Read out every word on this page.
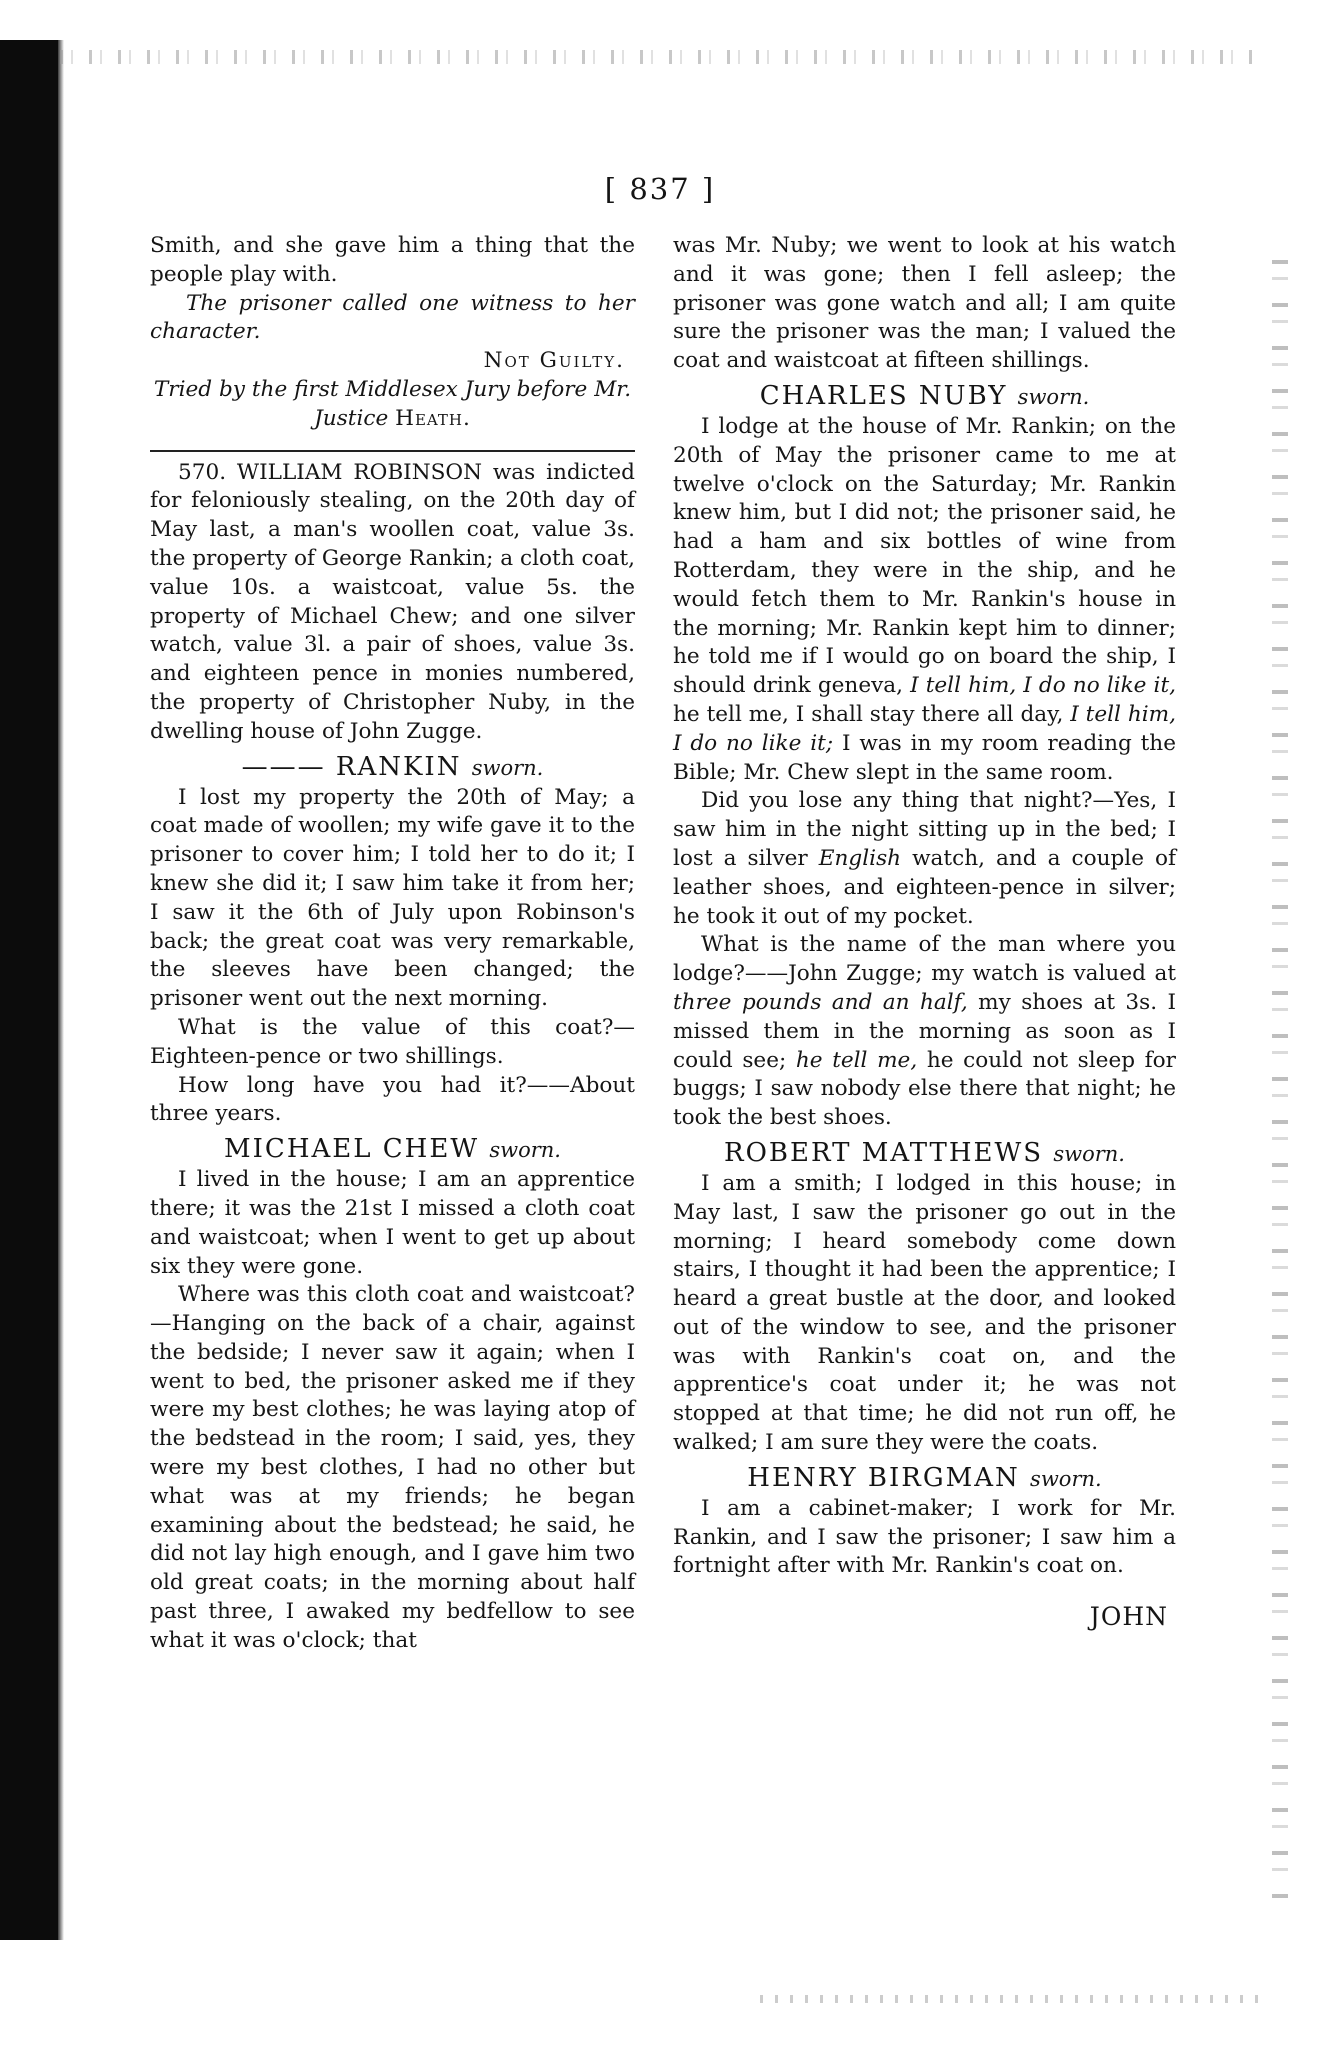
[ 837 ]

Smith, and she gave him a thing that the people play with.

The prisoner called one witness to her character.

Not Guilty.

Tried by the first Middlesex Jury before Mr. Justice Heath.

570. WILLIAM ROBINSON was indicted for feloniously stealing, on the 20th day of May last, a man's woollen coat, value 3s. the property of George Rankin; a cloth coat, value 10s. a waistcoat, value 5s. the property of Michael Chew; and one silver watch, value 3l. a pair of shoes, value 3s. and eighteen pence in monies numbered, the property of Christopher Nuby, in the dwelling house of John Zugge.

——— RANKIN sworn.

I lost my property the 20th of May; a coat made of woollen; my wife gave it to the prisoner to cover him; I told her to do it; I knew she did it; I saw him take it from her; I saw it the 6th of July upon Robinson's back; the great coat was very remarkable, the sleeves have been changed; the prisoner went out the next morning.

What is the value of this coat?—Eighteen-pence or two shillings.

How long have you had it?——About three years.

MICHAEL CHEW sworn.

I lived in the house; I am an apprentice there; it was the 21st I missed a cloth coat and waistcoat; when I went to get up about six they were gone.

Where was this cloth coat and waistcoat?—Hanging on the back of a chair, against the bedside; I never saw it again; when I went to bed, the prisoner asked me if they were my best clothes; he was laying atop of the bedstead in the room; I said, yes, they were my best clothes, I had no other but what was at my friends; he began examining about the bedstead; he said, he did not lay high enough, and I gave him two old great coats; in the morning about half past three, I awaked my bedfellow to see what it was o'clock; that

was Mr. Nuby; we went to look at his watch and it was gone; then I fell asleep; the prisoner was gone watch and all; I am quite sure the prisoner was the man; I valued the coat and waistcoat at fifteen shillings.

CHARLES NUBY sworn.

I lodge at the house of Mr. Rankin; on the 20th of May the prisoner came to me at twelve o'clock on the Saturday; Mr. Rankin knew him, but I did not; the prisoner said, he had a ham and six bottles of wine from Rotterdam, they were in the ship, and he would fetch them to Mr. Rankin's house in the morning; Mr. Rankin kept him to dinner; he told me if I would go on board the ship, I should drink geneva, I tell him, I do no like it, he tell me, I shall stay there all day, I tell him, I do no like it; I was in my room reading the Bible; Mr. Chew slept in the same room.

Did you lose any thing that night?—Yes, I saw him in the night sitting up in the bed; I lost a silver English watch, and a couple of leather shoes, and eighteen-pence in silver; he took it out of my pocket.

What is the name of the man where you lodge?——John Zugge; my watch is valued at three pounds and an half, my shoes at 3s. I missed them in the morning as soon as I could see; he tell me, he could not sleep for buggs; I saw nobody else there that night; he took the best shoes.

ROBERT MATTHEWS sworn.

I am a smith; I lodged in this house; in May last, I saw the prisoner go out in the morning; I heard somebody come down stairs, I thought it had been the apprentice; I heard a great bustle at the door, and looked out of the window to see, and the prisoner was with Rankin's coat on, and the apprentice's coat under it; he was not stopped at that time; he did not run off, he walked; I am sure they were the coats.

HENRY BIRGMAN sworn.

I am a cabinet-maker; I work for Mr. Rankin, and I saw the prisoner; I saw him a fortnight after with Mr. Rankin's coat on.

JOHN
